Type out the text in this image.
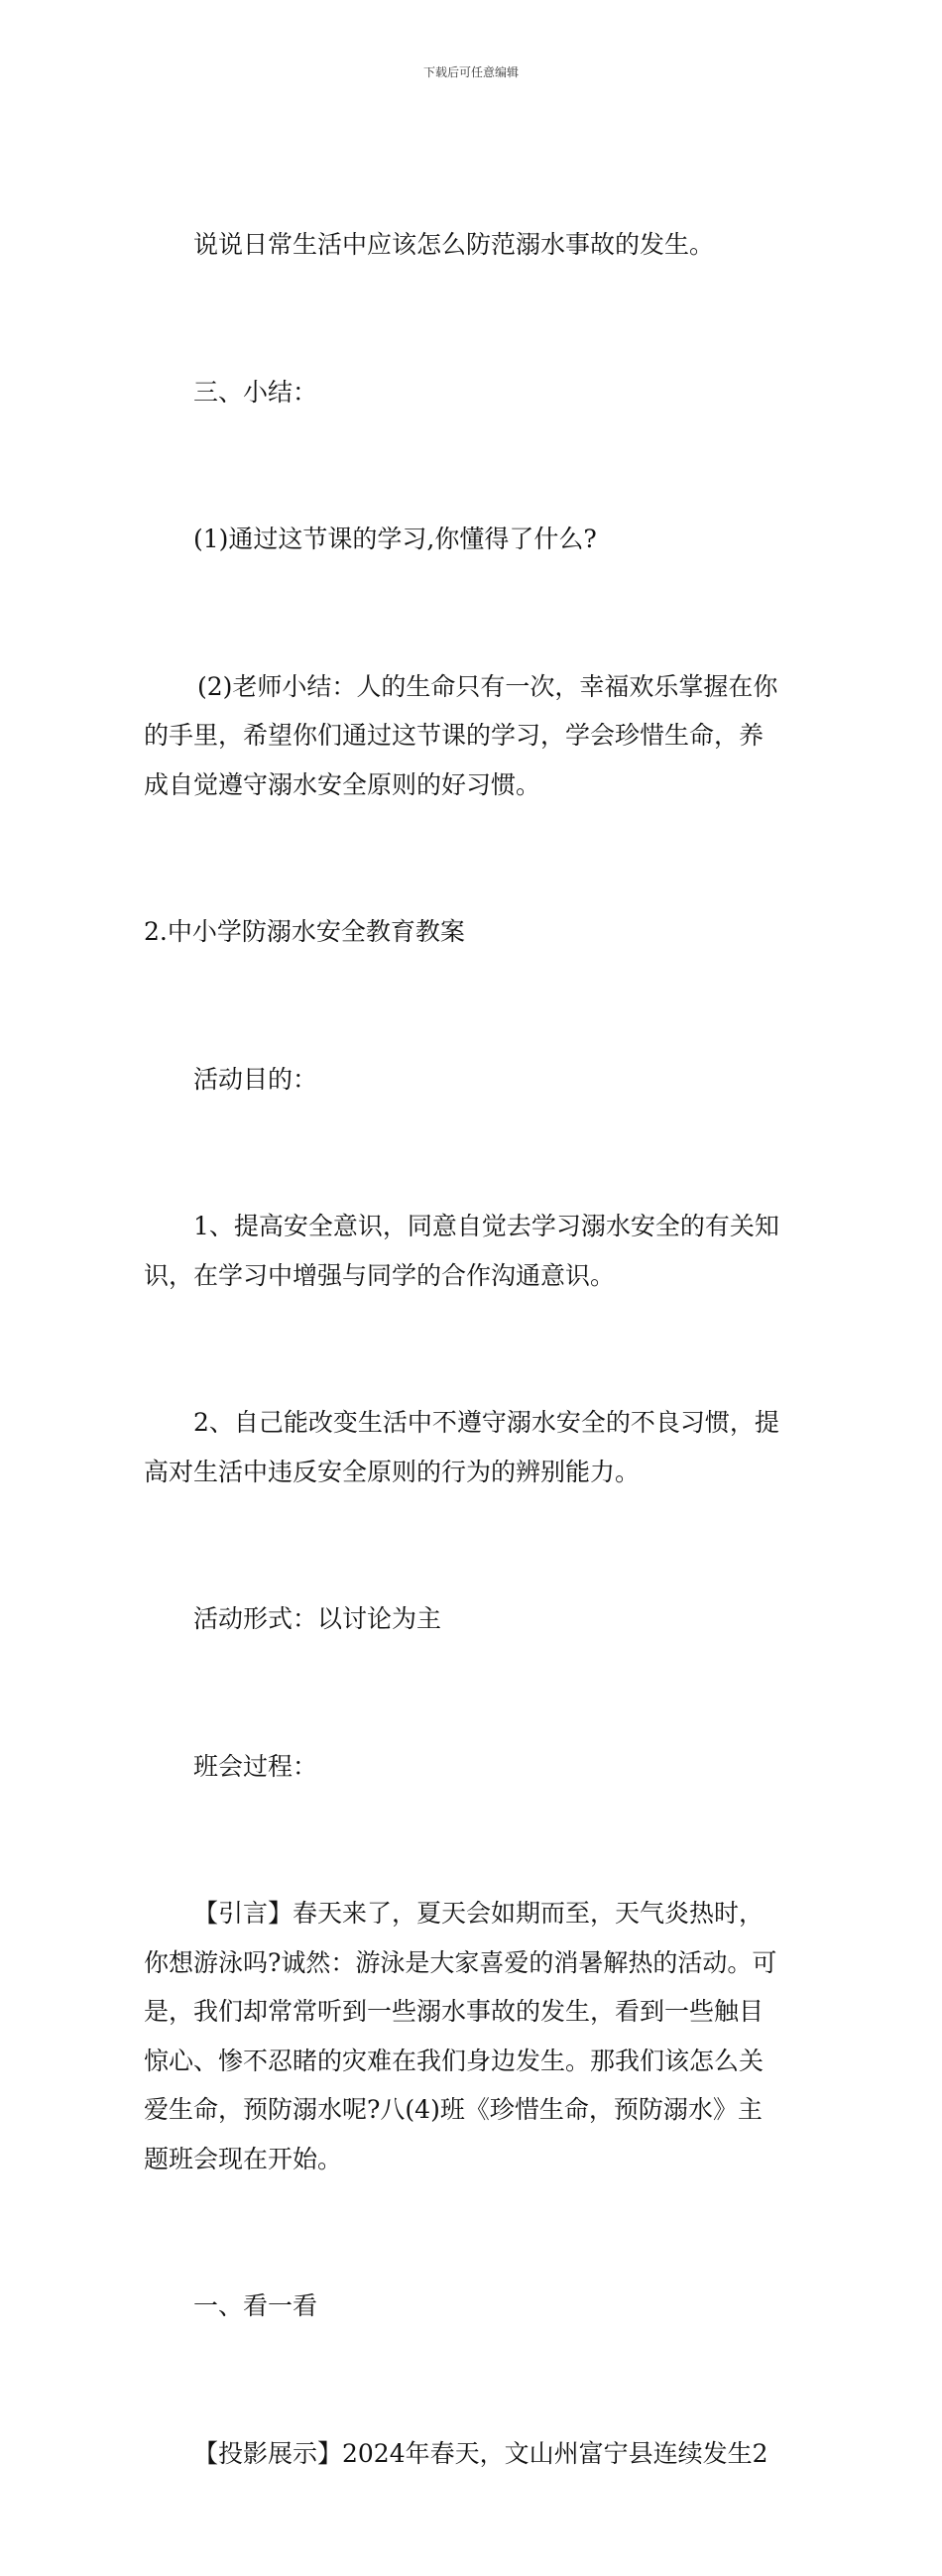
下载后可任意编辑

说说日常生活中应该怎么防范溺水事故的发生。

三、小结：

(1)通过这节课的学习,你懂得了什么?

(2)老师小结：人的生命只有一次，幸福欢乐掌握在你
的手里，希望你们通过这节课的学习，学会珍惜生命，养
成自觉遵守溺水安全原则的好习惯。

2.中小学防溺水安全教育教案

活动目的：

1、提高安全意识，同意自觉去学习溺水安全的有关知
识，在学习中增强与同学的合作沟通意识。

2、自己能改变生活中不遵守溺水安全的不良习惯，提
高对生活中违反安全原则的行为的辨别能力。

活动形式：以讨论为主

班会过程：

【引言】春天来了，夏天会如期而至，天气炎热时，
你想游泳吗?诚然：游泳是大家喜爱的消暑解热的活动。可
是，我们却常常听到一些溺水事故的发生，看到一些触目
惊心、惨不忍睹的灾难在我们身边发生。那我们该怎么关
爱生命，预防溺水呢?八(4)班《珍惜生命，预防溺水》主
题班会现在开始。

一、看一看

【投影展示】2024年春天，文山州富宁县连续发生2
